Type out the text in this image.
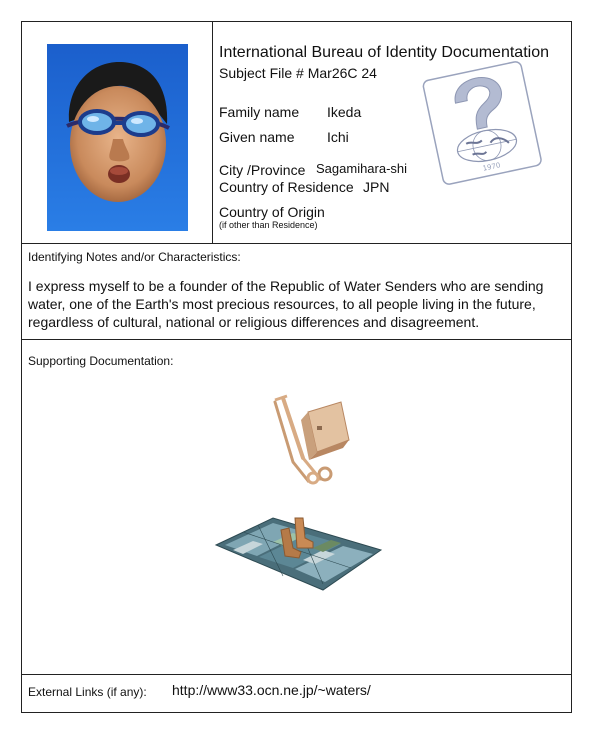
International Bureau of Identity Documentation
Subject File # Mar26C 24
1970
Family name Ikeda
Given name Ichi
City /Province Sagamihara-shi
Country of Residence JPN
Country of Origin
(if other than Residence)
Identifying Notes and/or Characteristics:
I express myself to be a founder of the Republic of Water Senders who are sending water, one of the Earth's most precious resources, to all people living in the future, regardless of cultural, national or religious differences and disagreement.
Supporting Documentation:
External Links (if any): http://www33.ocn.ne.jp/~waters/
